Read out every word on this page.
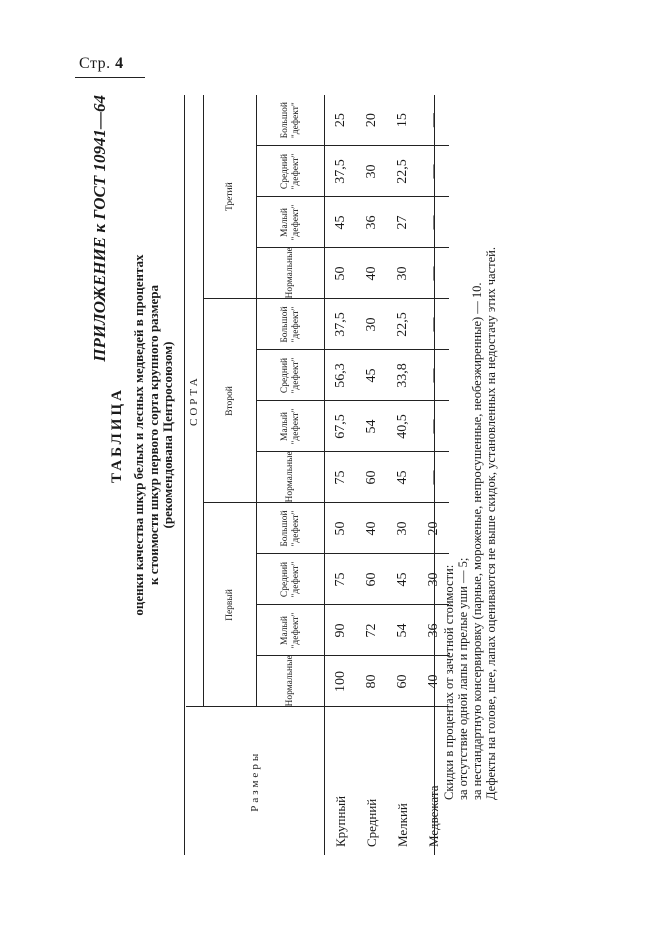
Стр. 4
ПРИЛОЖЕНИЕ к ГОСТ 10941—64
ТАБЛИЦА оценки качества шкур белых и лесных медведей в процентах к стоимости шкур первого сорта крупного размера (рекомендована Центросоюзом)
Размеры	СОРТА											
	Первый				Второй				Третий			
	Нормальные	Малый "дефект"	Средний "дефект"	Большой "дефект"	Нормальные	Малый "дефект"	Средний "дефект"	Большой "дефект"	Нормальные	Малый "дефект"	Средний "дефект"	Большой "дефект"
Крупный	100	90	75	50	75	67,5	56,3	37,5	50	45	37,5	25
Средний	80	72	60	40	60	54	45	30	40	36	30	20
Мелкий	60	54	45	30	45	40,5	33,8	22,5	30	27	22,5	15
Медвежата	40	36	30	20	—	—	—	—	—	—	—	—
Скидки в процентах от зачетной стоимости: за отсутствие одной лапы и прелые уши — 5; за нестандартную консервировку (парные, мороженые, непросушенные, необезжиренные) — 10. Дефекты на голове, шее, лапах оцениваются не выше скидок, установленных на недостачу этих частей.
